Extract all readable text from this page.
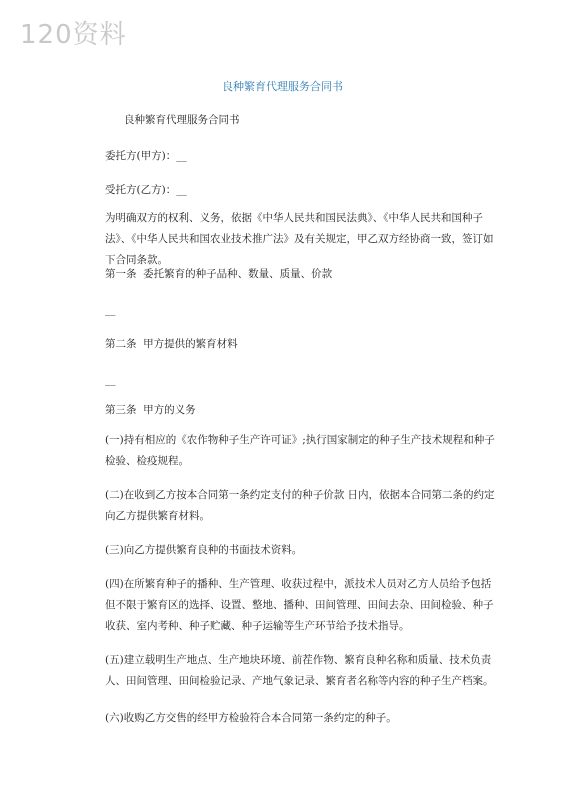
120资料
良种繁育代理服务合同书
良种繁育代理服务合同书
委托方(甲方)：__
受托方(乙方)：__
为明确双方的权利、义务，依据《中华人民共和国民法典》、《中华人民共和国种子法》、《中华人民共和国农业技术推广法》及有关规定，甲乙双方经协商一致，签订如下合同条款。
第一条  委托繁育的种子品种、数量、质量、价款
__
第二条  甲方提供的繁育材料
__
第三条  甲方的义务
(一)持有相应的《农作物种子生产许可证》;执行国家制定的种子生产技术规程和种子检验、检疫规程。
(二)在收到乙方按本合同第一条约定支付的种子价款 日内，依据本合同第二条的约定向乙方提供繁育材料。
(三)向乙方提供繁育良种的书面技术资料。
(四)在所繁育种子的播种、生产管理、收获过程中，派技术人员对乙方人员给予包括但不限于繁育区的选择、设置、整地、播种、田间管理、田间去杂、田间检验、种子收获、室内考种、种子贮藏、种子运输等生产环节给予技术指导。
(五)建立载明生产地点、生产地块环境、前茬作物、繁育良种名称和质量、技术负责人、田间管理、田间检验记录、产地气象记录、繁育者名称等内容的种子生产档案。
(六)收购乙方交售的经甲方检验符合本合同第一条约定的种子。
